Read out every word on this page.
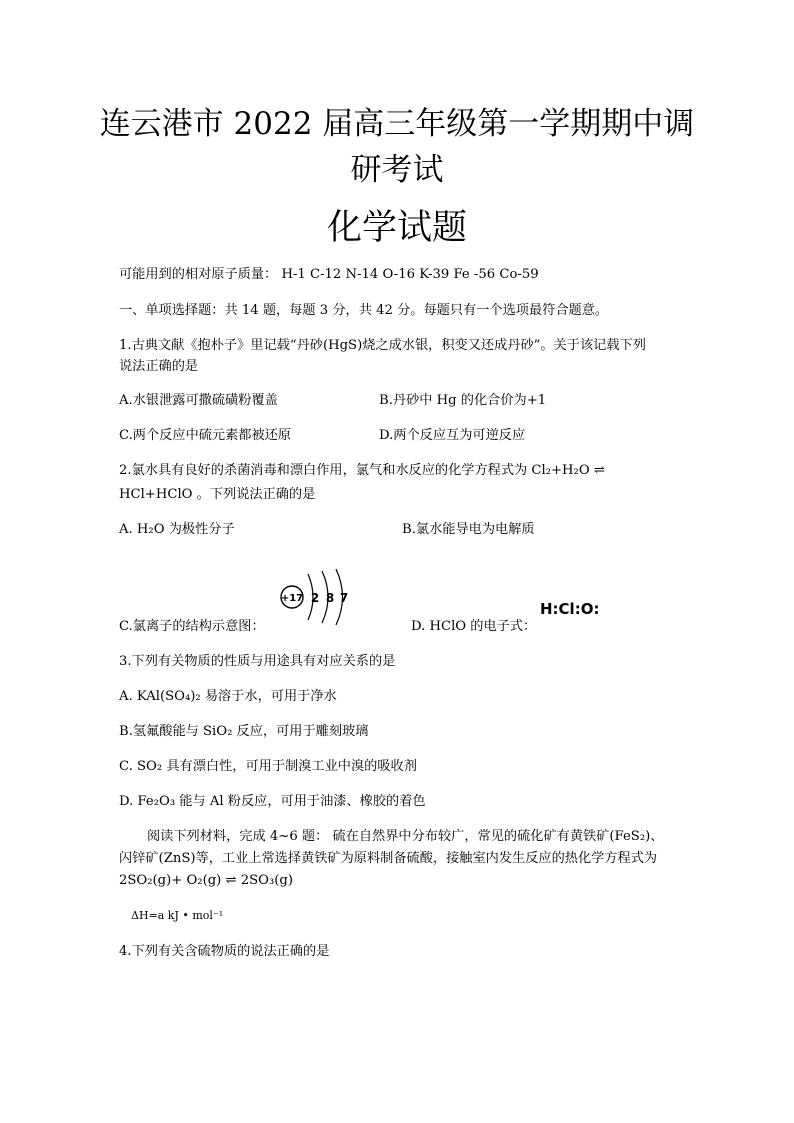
连云港市 2022 届高三年级第一学期期中调
研考试
化学试题
可能用到的相对原子质量： H-1 C-12 N-14 O-16 K-39 Fe -56 Co-59
一、单项选择题：共 14 题，每题 3 分，共 42 分。每题只有一个选项最符合题意。
1.古典文献《抱朴子》里记载“丹砂(HgS)烧之成水银，积变又还成丹砂”。关于该记载下列
说法正确的是
A.水银泄露可撒硫磺粉覆盖	B.丹砂中 Hg 的化合价为+1
C.两个反应中硫元素都被还原	D.两个反应互为可逆反应
2.氯水具有良好的杀菌消毒和漂白作用，氯气和水反应的化学方程式为 Cl₂+H₂O ⇌
HCl+HClO 。下列说法正确的是
A. H₂O 为极性分子	B.氯水能导电为电解质
+17 2 8 7
C.氯离子的结构示意图：	D. HClO 的电子式：
H:Cl:O:
3.下列有关物质的性质与用途具有对应关系的是
A. KAl(SO₄)₂ 易溶于水，可用于净水
B.氢氟酸能与 SiO₂ 反应，可用于雕刻玻璃
C. SO₂ 具有漂白性，可用于制溴工业中溴的吸收剂
D. Fe₂O₃ 能与 Al 粉反应，可用于油漆、橡胶的着色
阅读下列材料，完成 4~6 题： 硫在自然界中分布较广，常见的硫化矿有黄铁矿(FeS₂)、
闪锌矿(ZnS)等，工业上常选择黄铁矿为原料制备硫酸，接触室内发生反应的热化学方程式为
2SO₂(g)+ O₂(g) ⇌ 2SO₃(g)
ΔH=a kJ • mol⁻¹
4.下列有关含硫物质的说法正确的是
